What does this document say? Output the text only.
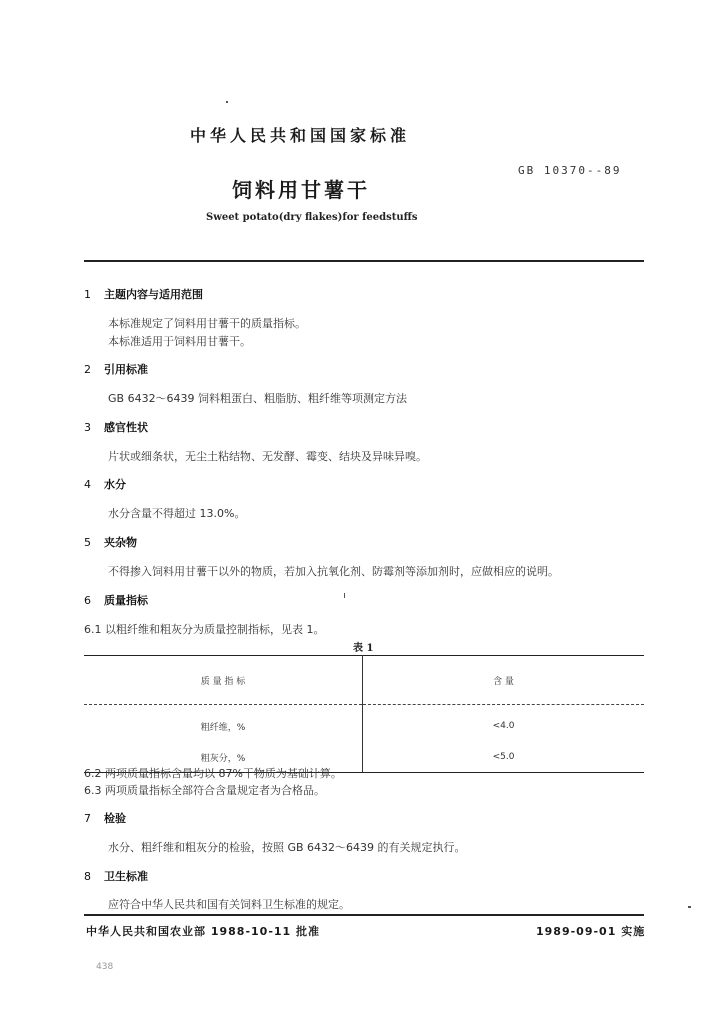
中华人民共和国国家标准
GB 10370--89
饲料用甘薯干
Sweet potato(dry flakes)for feedstuffs
1 主题内容与适用范围
本标准规定了饲料用甘薯干的质量指标。
本标准适用于饲料用甘薯干。
2 引用标准
GB 6432～6439 饲料粗蛋白、粗脂肪、粗纤维等项测定方法
3 感官性状
片状或细条状，无尘土粘结物、无发酵、霉变、结块及异味异嗅。
4 水分
水分含量不得超过 13.0%。
5 夹杂物
不得掺入饲料用甘薯干以外的物质，若加入抗氧化剂、防霉剂等添加剂时，应做相应的说明。
6 质量指标
6.1 以粗纤维和粗灰分为质量控制指标，见表 1。
表 1
质 量 指 标	含 量
粗纤维，%	<4.0
粗灰分，%	<5.0
6.2 两项质量指标含量均以 87%干物质为基础计算。
6.3 两项质量指标全部符合含量规定者为合格品。
7 检验
水分、粗纤维和粗灰分的检验，按照 GB 6432～6439 的有关规定执行。
8 卫生标准
应符合中华人民共和国有关饲料卫生标准的规定。
中华人民共和国农业部 1988-10-11 批准	1989-09-01 实施
438
